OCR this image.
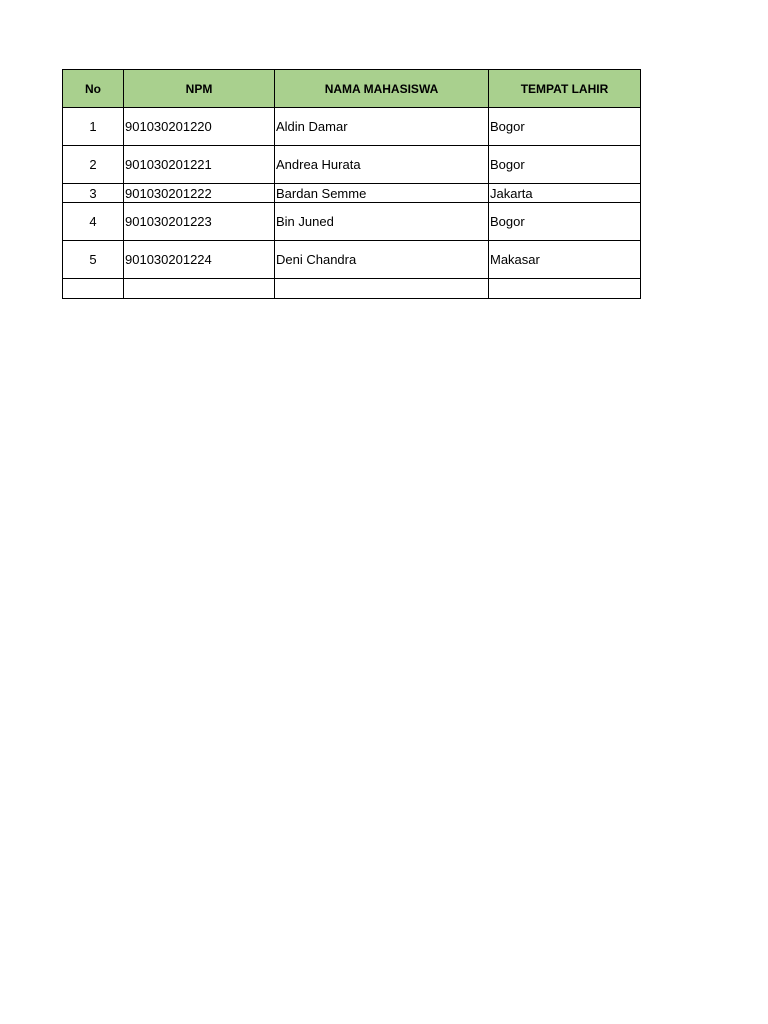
No	NPM	NAMA MAHASISWA	TEMPAT LAHIR
1	901030201220	Aldin Damar	Bogor
2	901030201221	Andrea Hurata	Bogor
3	901030201222	Bardan Semme	Jakarta
4	901030201223	Bin Juned	Bogor
5	901030201224	Deni Chandra	Makasar
